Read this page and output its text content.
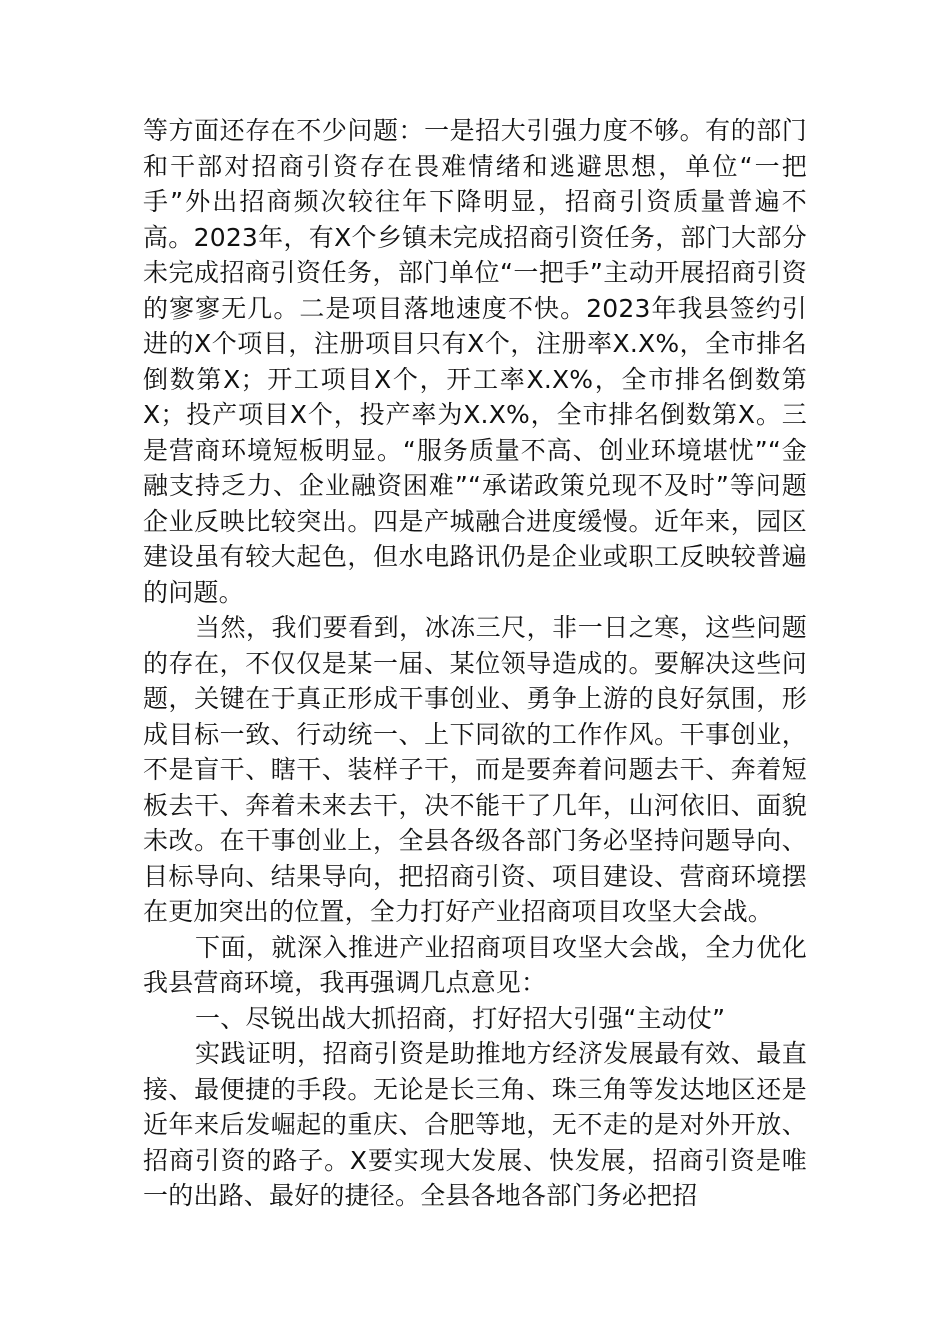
等方面还存在不少问题：一是招大引强力度不够。有的部门和干部对招商引资存在畏难情绪和逃避思想，单位“一把手”外出招商频次较往年下降明显，招商引资质量普遍不高。2023年，有X个乡镇未完成招商引资任务，部门大部分未完成招商引资任务，部门单位“一把手”主动开展招商引资的寥寥无几。二是项目落地速度不快。2023年我县签约引进的X个项目，注册项目只有X个，注册率X.X%，全市排名倒数第X；开工项目X个，开工率X.X%，全市排名倒数第X；投产项目X个，投产率为X.X%，全市排名倒数第X。三是营商环境短板明显。“服务质量不高、创业环境堪忧”“金融支持乏力、企业融资困难”“承诺政策兑现不及时”等问题企业反映比较突出。四是产城融合进度缓慢。近年来，园区建设虽有较大起色，但水电路讯仍是企业或职工反映较普遍的问题。

当然，我们要看到，冰冻三尺，非一日之寒，这些问题的存在，不仅仅是某一届、某位领导造成的。要解决这些问题，关键在于真正形成干事创业、勇争上游的良好氛围，形成目标一致、行动统一、上下同欲的工作作风。干事创业，不是盲干、瞎干、装样子干，而是要奔着问题去干、奔着短板去干、奔着未来去干，决不能干了几年，山河依旧、面貌未改。在干事创业上，全县各级各部门务必坚持问题导向、目标导向、结果导向，把招商引资、项目建设、营商环境摆在更加突出的位置，全力打好产业招商项目攻坚大会战。

下面，就深入推进产业招商项目攻坚大会战，全力优化我县营商环境，我再强调几点意见：

一、尽锐出战大抓招商，打好招大引强“主动仗”

实践证明，招商引资是助推地方经济发展最有效、最直接、最便捷的手段。无论是长三角、珠三角等发达地区还是近年来后发崛起的重庆、合肥等地，无不走的是对外开放、招商引资的路子。X要实现大发展、快发展，招商引资是唯一的出路、最好的捷径。全县各地各部门务必把招
